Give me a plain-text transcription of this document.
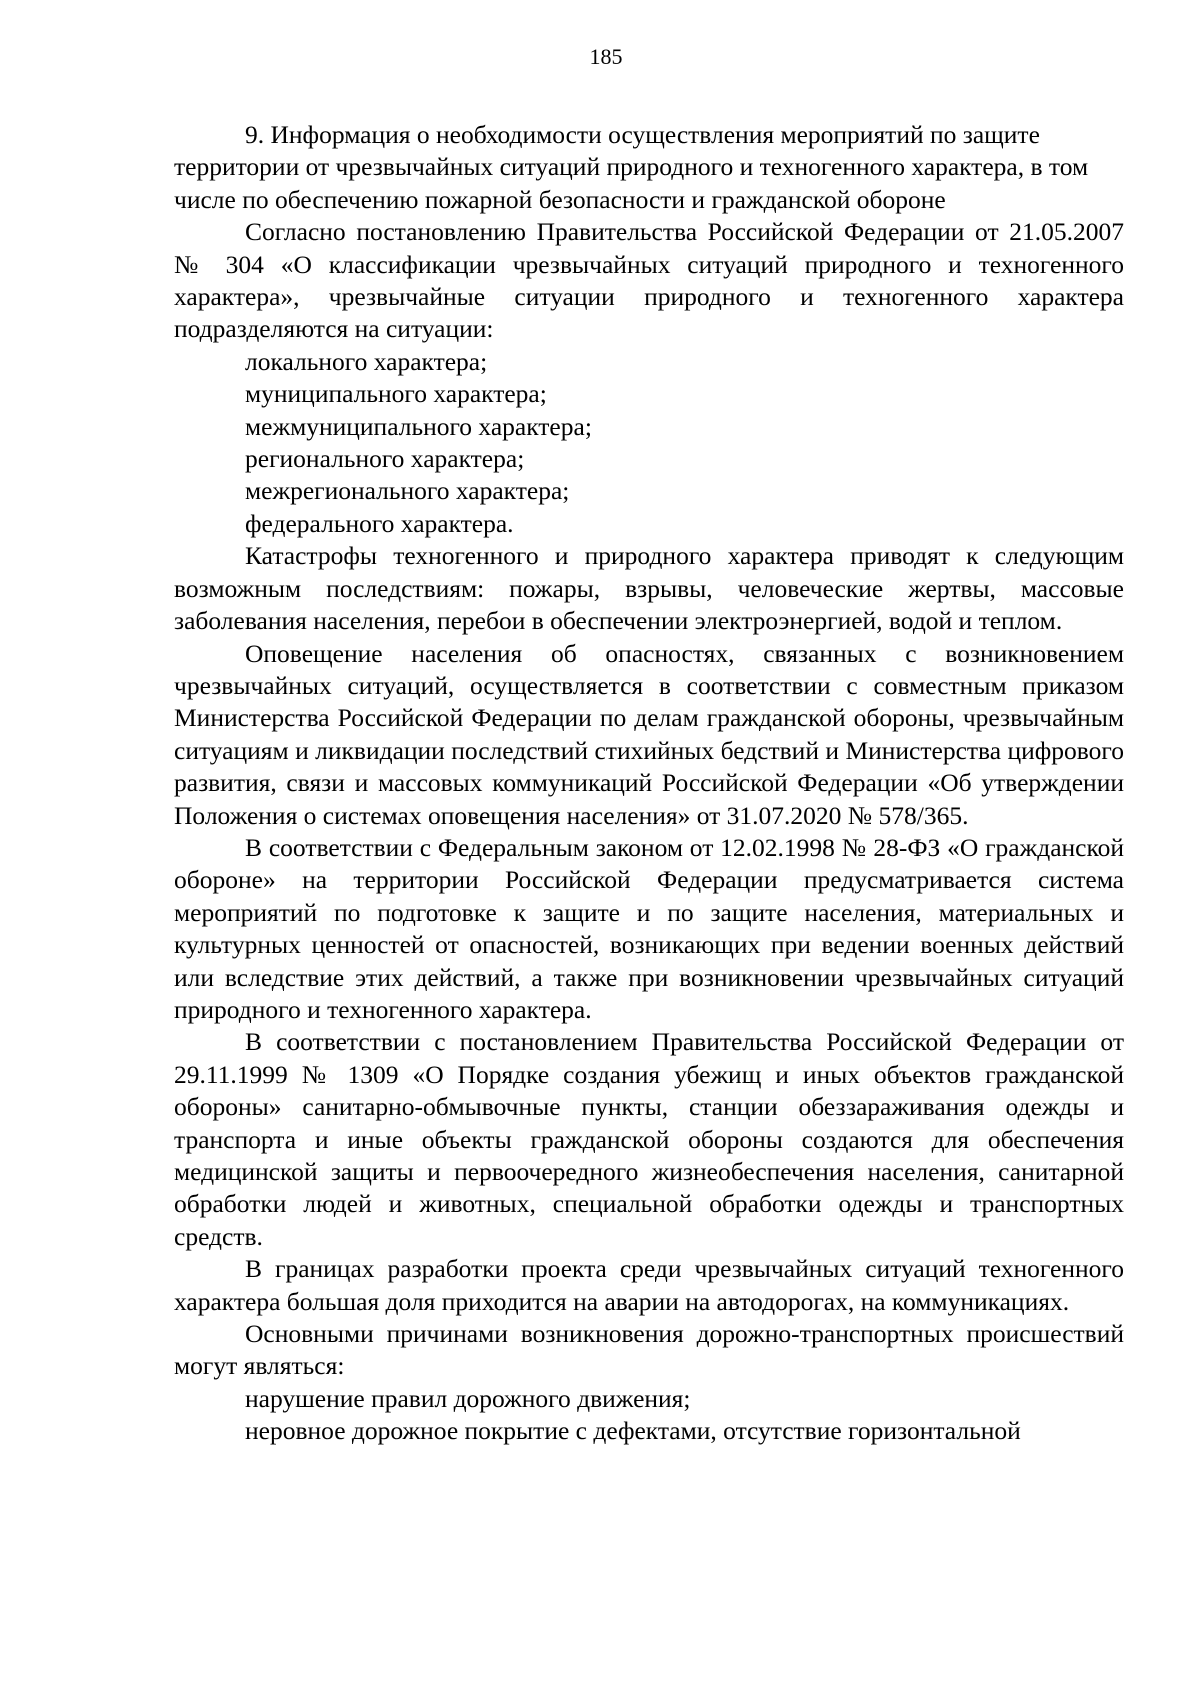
185

9. Информация о необходимости осуществления мероприятий по защите территории от чрезвычайных ситуаций природного и техногенного характера, в том числе по обеспечению пожарной безопасности и гражданской обороне

Согласно постановлению Правительства Российской Федерации от 21.05.2007 № 304 «О классификации чрезвычайных ситуаций природного и техногенного характера», чрезвычайные ситуации природного и техногенного характера подразделяются на ситуации:

локального характера;

муниципального характера;

межмуниципального характера;

регионального характера;

межрегионального характера;

федерального характера.

Катастрофы техногенного и природного характера приводят к следующим возможным последствиям: пожары, взрывы, человеческие жертвы, массовые заболевания населения, перебои в обеспечении электроэнергией, водой и теплом.

Оповещение населения об опасностях, связанных с возникновением чрезвычайных ситуаций, осуществляется в соответствии с совместным приказом Министерства Российской Федерации по делам гражданской обороны, чрезвычайным ситуациям и ликвидации последствий стихийных бедствий и Министерства цифрового развития, связи и массовых коммуникаций Российской Федерации «Об утверждении Положения о системах оповещения населения» от 31.07.2020 № 578/365.

В соответствии с Федеральным законом от 12.02.1998 № 28-ФЗ «О гражданской обороне» на территории Российской Федерации предусматривается система мероприятий по подготовке к защите и по защите населения, материальных и культурных ценностей от опасностей, возникающих при ведении военных действий или вследствие этих действий, а также при возникновении чрезвычайных ситуаций природного и техногенного характера.

В соответствии с постановлением Правительства Российской Федерации от 29.11.1999 № 1309 «О Порядке создания убежищ и иных объектов гражданской обороны» санитарно-обмывочные пункты, станции обеззараживания одежды и транспорта и иные объекты гражданской обороны создаются для обеспечения медицинской защиты и первоочередного жизнеобеспечения населения, санитарной обработки людей и животных, специальной обработки одежды и транспортных средств.

В границах разработки проекта среди чрезвычайных ситуаций техногенного характера большая доля приходится на аварии на автодорогах, на коммуникациях.

Основными причинами возникновения дорожно-транспортных происшествий могут являться:

нарушение правил дорожного движения;

неровное дорожное покрытие с дефектами, отсутствие горизонтальной
